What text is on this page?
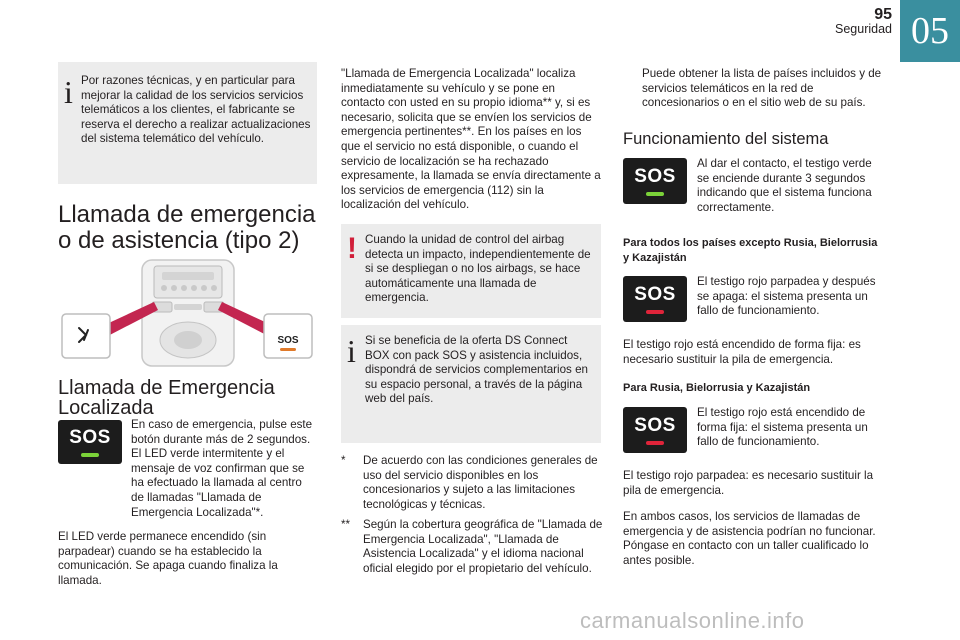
95
Seguridad 05
i Por razones técnicas, y en particular para mejorar la calidad de los servicios servicios telemáticos a los clientes, el fabricante se reserva el derecho a realizar actualizaciones del sistema telemático del vehículo.
Llamada de emergencia o de asistencia (tipo 2)
SOS
Llamada de Emergencia Localizada
SOS
En caso de emergencia, pulse este botón durante más de 2 segundos. El LED verde intermitente y el mensaje de voz confirman que se ha efectuado la llamada al centro de llamadas "Llamada de Emergencia Localizada"*.
El LED verde permanece encendido (sin parpadear) cuando se ha establecido la comunicación. Se apaga cuando finaliza la llamada.
"Llamada de Emergencia Localizada" localiza inmediatamente su vehículo y se pone en contacto con usted en su propio idioma** y, si es necesario, solicita que se envíen los servicios de emergencia pertinentes**. En los países en los que el servicio no está disponible, o cuando el servicio de localización se ha rechazado expresamente, la llamada se envía directamente a los servicios de emergencia (112) sin la localización del vehículo.
! Cuando la unidad de control del airbag detecta un impacto, independientemente de si se despliegan o no los airbags, se hace automáticamente una llamada de emergencia.
i Si se beneficia de la oferta DS Connect BOX con pack SOS y asistencia incluidos, dispondrá de servicios complementarios en su espacio personal, a través de la página web del país.
*	De acuerdo con las condiciones generales de uso del servicio disponibles en los concesionarios y sujeto a las limitaciones tecnológicas y técnicas.
**	Según la cobertura geográfica de "Llamada de Emergencia Localizada", "Llamada de Asistencia Localizada" y el idioma nacional oficial elegido por el propietario del vehículo.
Puede obtener la lista de países incluidos y de servicios telemáticos en la red de concesionarios o en el sitio web de su país.
Funcionamiento del sistema
SOS
Al dar el contacto, el testigo verde se enciende durante 3 segundos indicando que el sistema funciona correctamente.
Para todos los países excepto Rusia, Bielorrusia y Kazajistán
SOS
El testigo rojo parpadea y después se apaga: el sistema presenta un fallo de funcionamiento.
El testigo rojo está encendido de forma fija: es necesario sustituir la pila de emergencia.
Para Rusia, Bielorrusia y Kazajistán
SOS
El testigo rojo está encendido de forma fija: el sistema presenta un fallo de funcionamiento.
El testigo rojo parpadea: es necesario sustituir la pila de emergencia.
En ambos casos, los servicios de llamadas de emergencia y de asistencia podrían no funcionar. Póngase en contacto con un taller cualificado lo antes posible.
carmanualsonline.info
